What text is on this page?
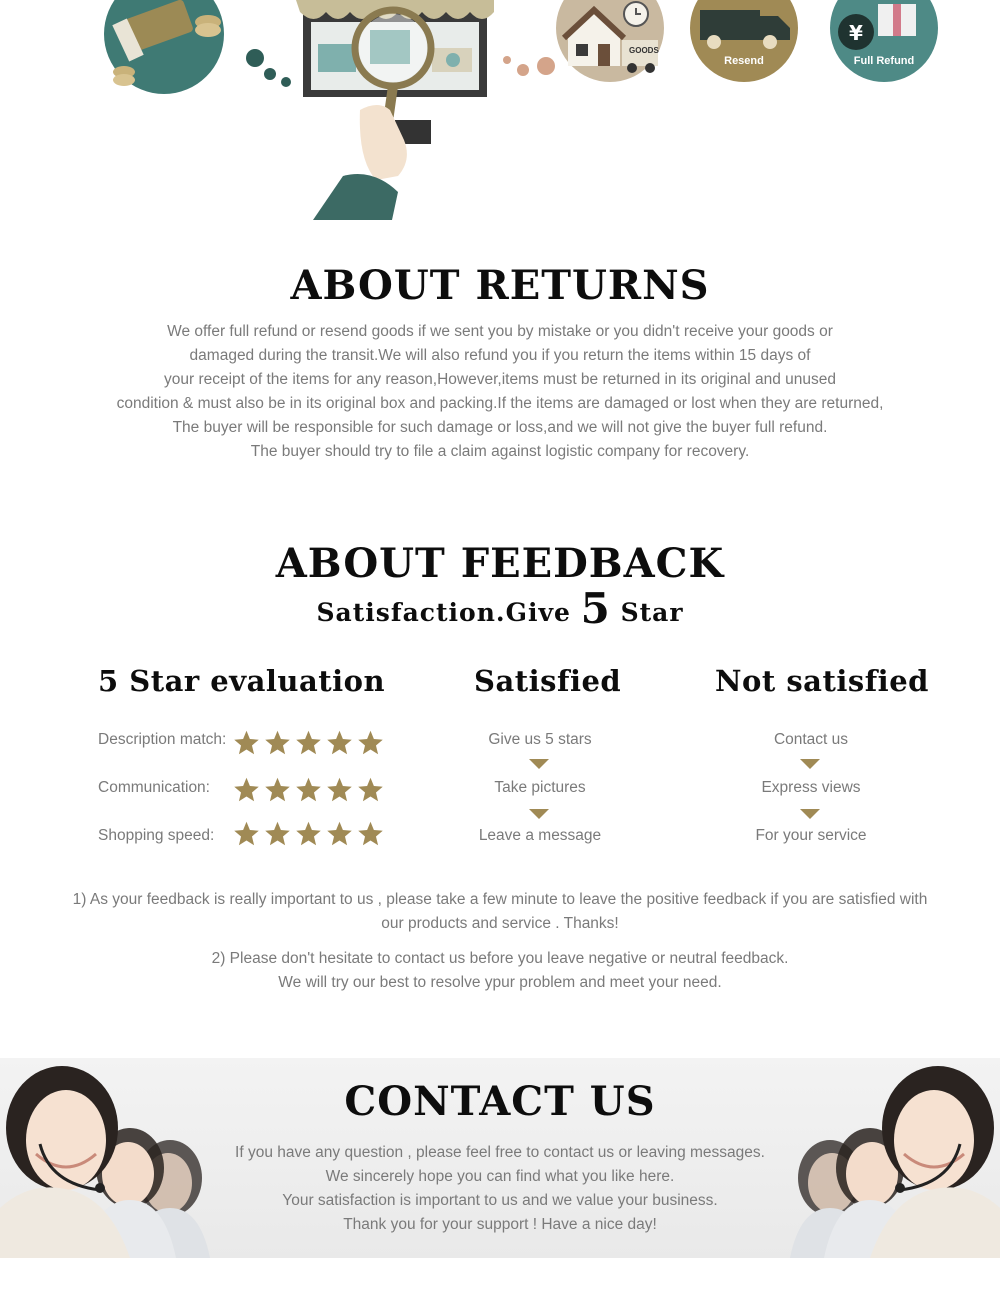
GOODS
Resend
¥
Full Refund
ABOUT RETURNS
We offer full refund or resend goods if we sent you by mistake or you didn't receive your goods or
damaged during the transit.We will also refund you if you return the items within 15 days of
your receipt of the items for any reason,However,items must be returned in its original and unused
condition & must also be in its original box and packing.If the items are damaged or lost when they are returned,
The buyer will be responsible for such damage or loss,and we will not give the buyer full refund.
The buyer should try to file a claim against logistic company for recovery.
ABOUT FEEDBACK
Satisfaction.Give 5 Star
5 Star evaluation	Satisfied	Not satisfied
Description match:
Communication:
Shopping speed:
Give us 5 stars
Take pictures
Leave a message
Contact us
Express views
For your service
1) As your feedback is really important to us , please take a few minute to leave the positive feedback if you are satisfied with
our products and service . Thanks!
2) Please don't hesitate to contact us before you leave negative or neutral feedback.
We will try our best to resolve ypur problem and meet your need.
CONTACT US
If you have any question , please feel free to contact us or leaving messages.
We sincerely hope you can find what you like here.
Your satisfaction is important to us and we value your business.
Thank you for your support ! Have a nice day!
